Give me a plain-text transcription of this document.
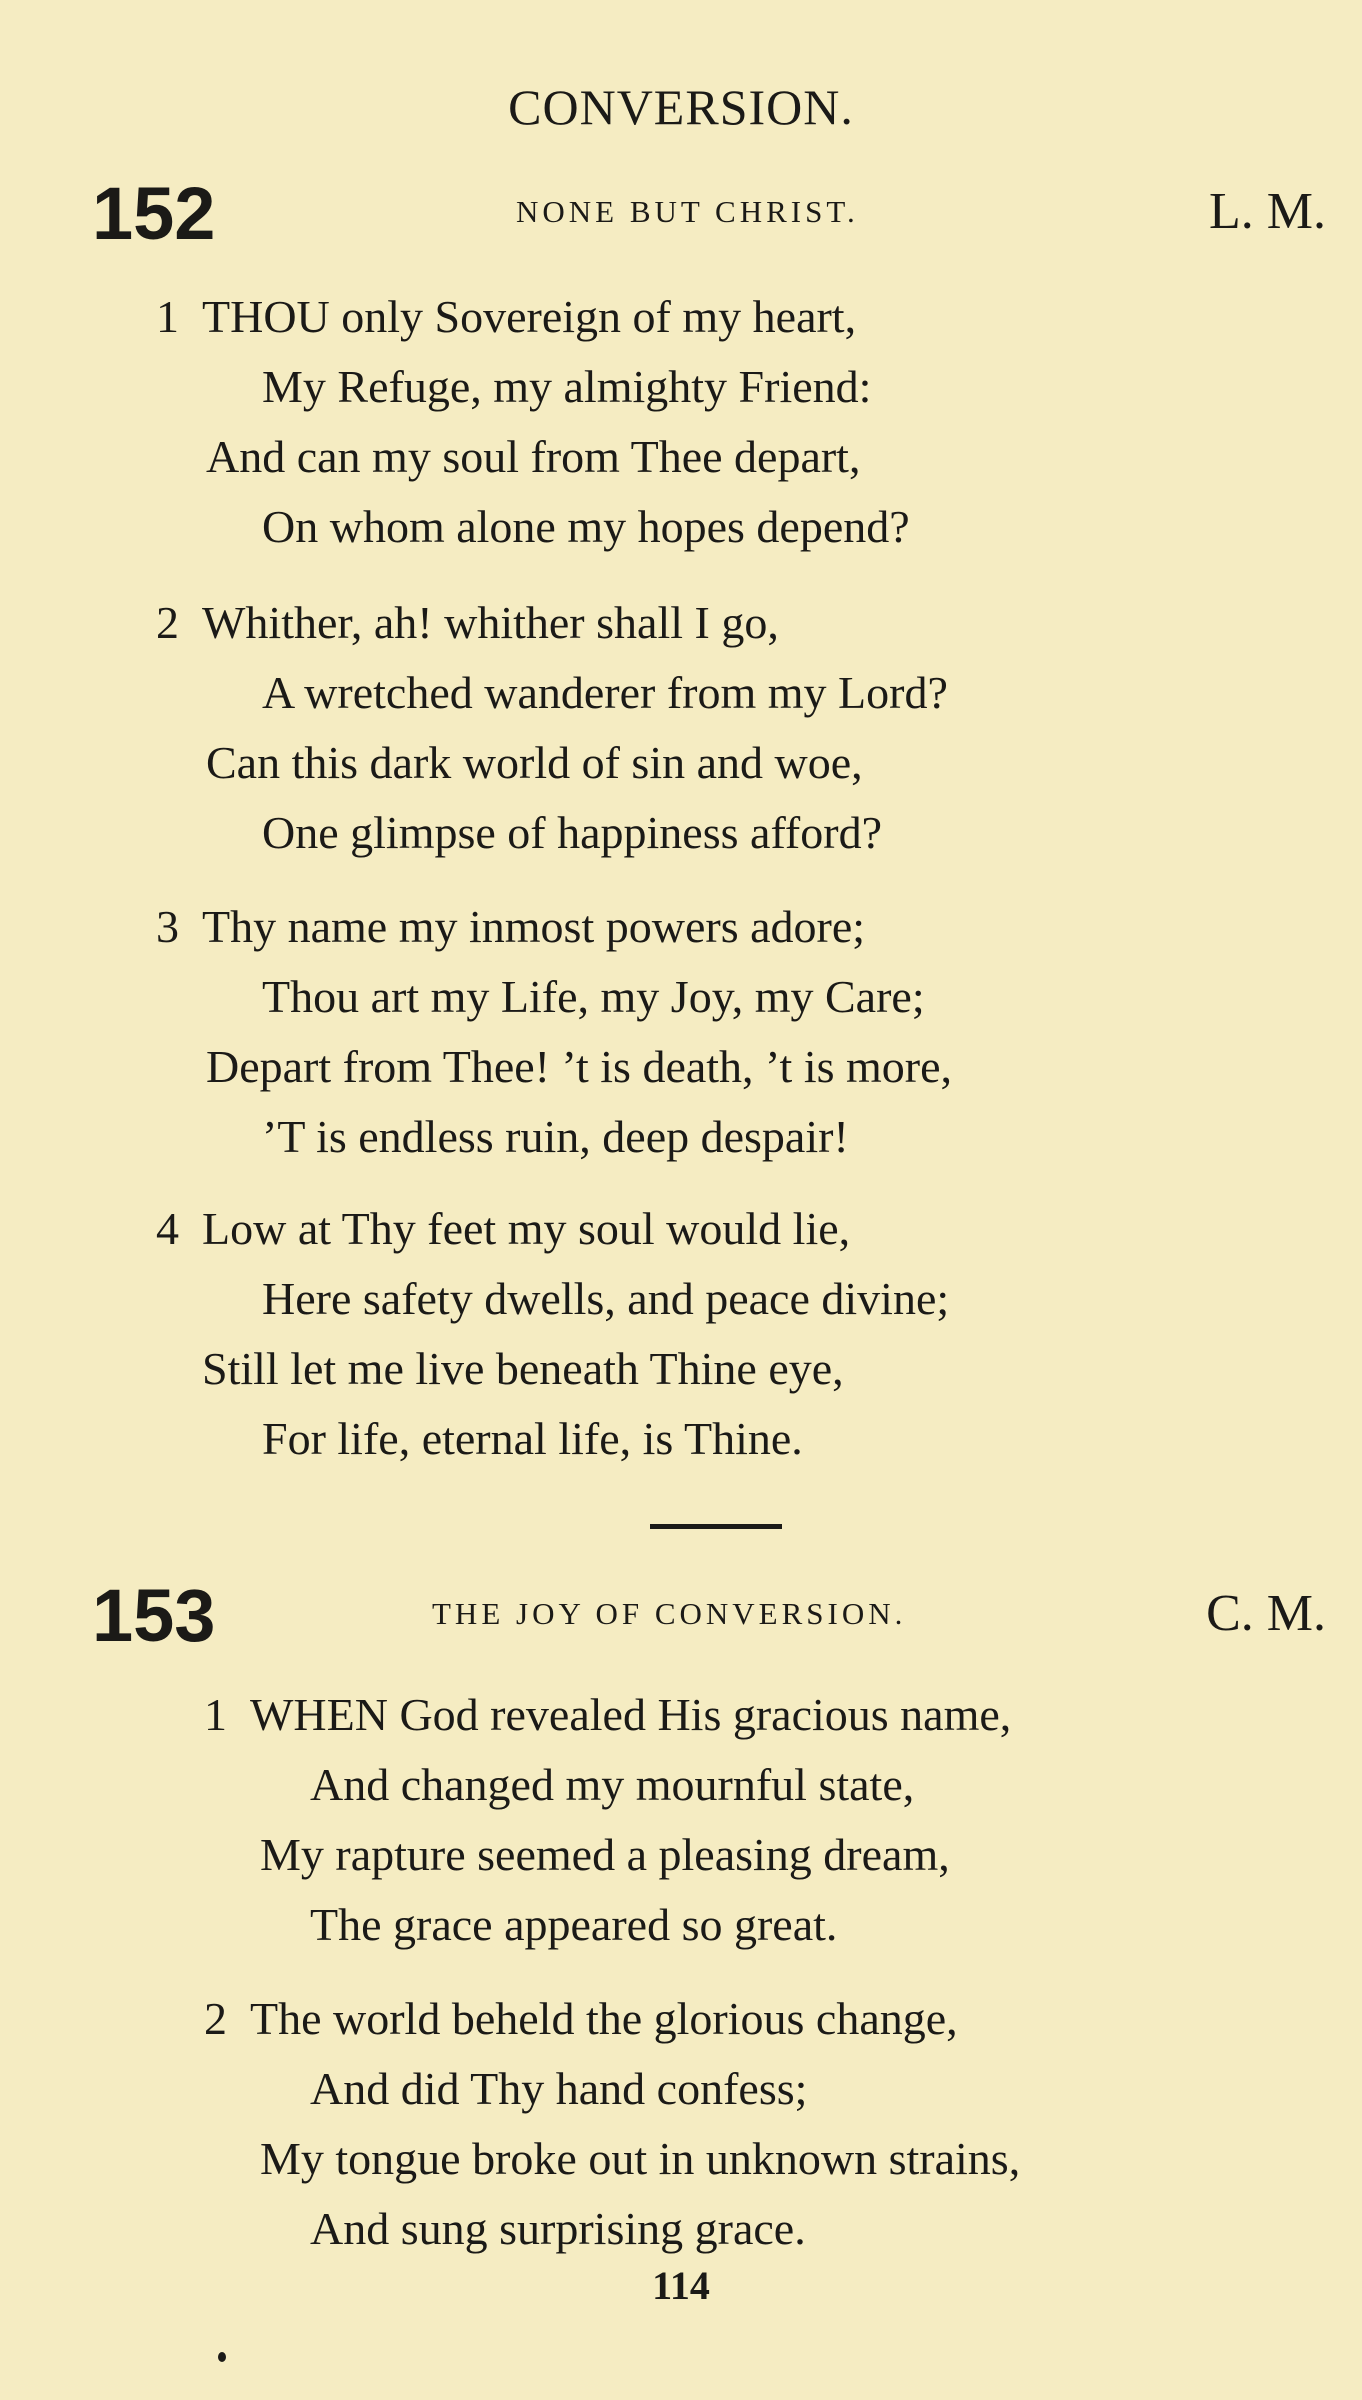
CONVERSION.
152	NONE BUT CHRIST.	L. M.
1 THOU only Sovereign of my heart,
My Refuge, my almighty Friend:
And can my soul from Thee depart,
On whom alone my hopes depend?
2 Whither, ah! whither shall I go,
A wretched wanderer from my Lord?
Can this dark world of sin and woe,
One glimpse of happiness afford?
3 Thy name my inmost powers adore;
Thou art my Life, my Joy, my Care;
Depart from Thee! ’t is death, ’t is more,
’T is endless ruin, deep despair!
4 Low at Thy feet my soul would lie,
Here safety dwells, and peace divine;
Still let me live beneath Thine eye,
For life, eternal life, is Thine.
153	THE JOY OF CONVERSION.	C. M.
1 WHEN God revealed His gracious name,
And changed my mournful state,
My rapture seemed a pleasing dream,
The grace appeared so great.
2 The world beheld the glorious change,
And did Thy hand confess;
My tongue broke out in unknown strains,
And sung surprising grace.
114
